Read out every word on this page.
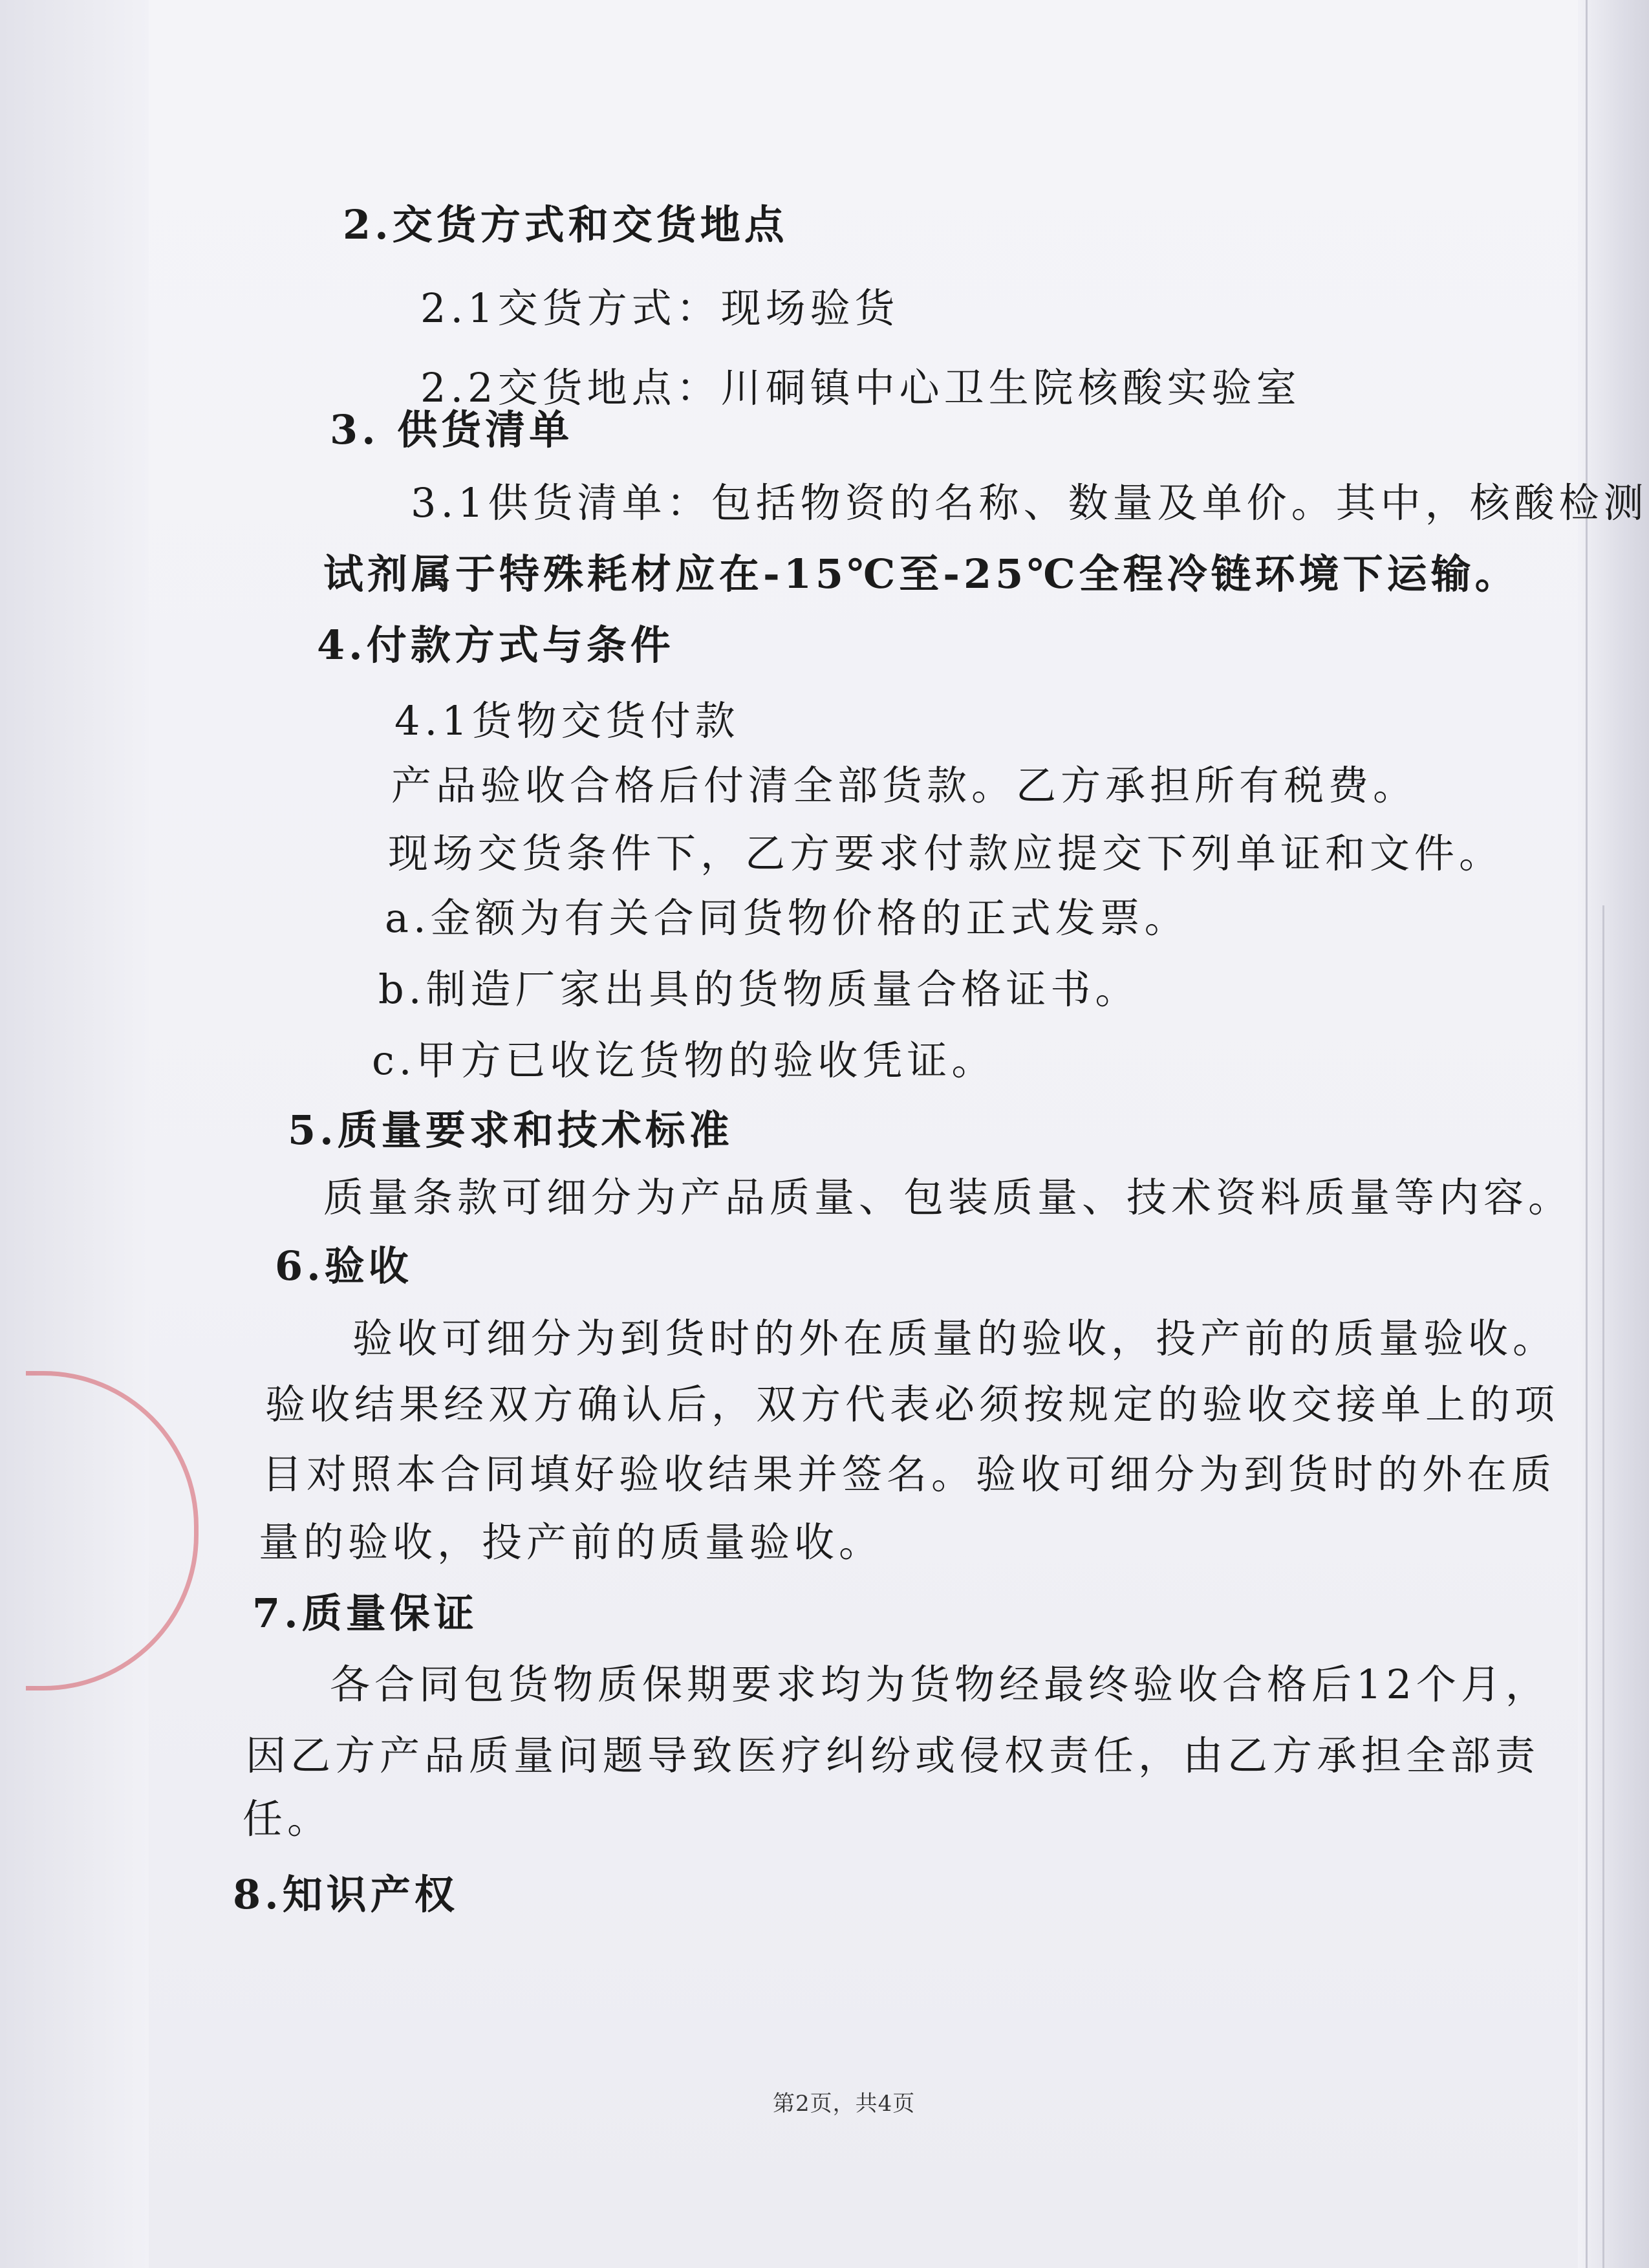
2.交货方式和交货地点
2.1交货方式：现场验货
2.2交货地点：川硐镇中心卫生院核酸实验室
3. 供货清单
3.1供货清单：包括物资的名称、数量及单价。其中，核酸检测
试剂属于特殊耗材应在-15℃至-25℃全程冷链环境下运输。
4.付款方式与条件
4.1货物交货付款
产品验收合格后付清全部货款。乙方承担所有税费。
现场交货条件下，乙方要求付款应提交下列单证和文件。
a.金额为有关合同货物价格的正式发票。
b.制造厂家出具的货物质量合格证书。
c.甲方已收讫货物的验收凭证。
5.质量要求和技术标准
质量条款可细分为产品质量、包装质量、技术资料质量等内容。
6.验收
验收可细分为到货时的外在质量的验收，投产前的质量验收。
验收结果经双方确认后，双方代表必须按规定的验收交接单上的项
目对照本合同填好验收结果并签名。验收可细分为到货时的外在质
量的验收，投产前的质量验收。
7.质量保证
各合同包货物质保期要求均为货物经最终验收合格后12个月，
因乙方产品质量问题导致医疗纠纷或侵权责任，由乙方承担全部责
任。
8.知识产权
第2页，共4页
